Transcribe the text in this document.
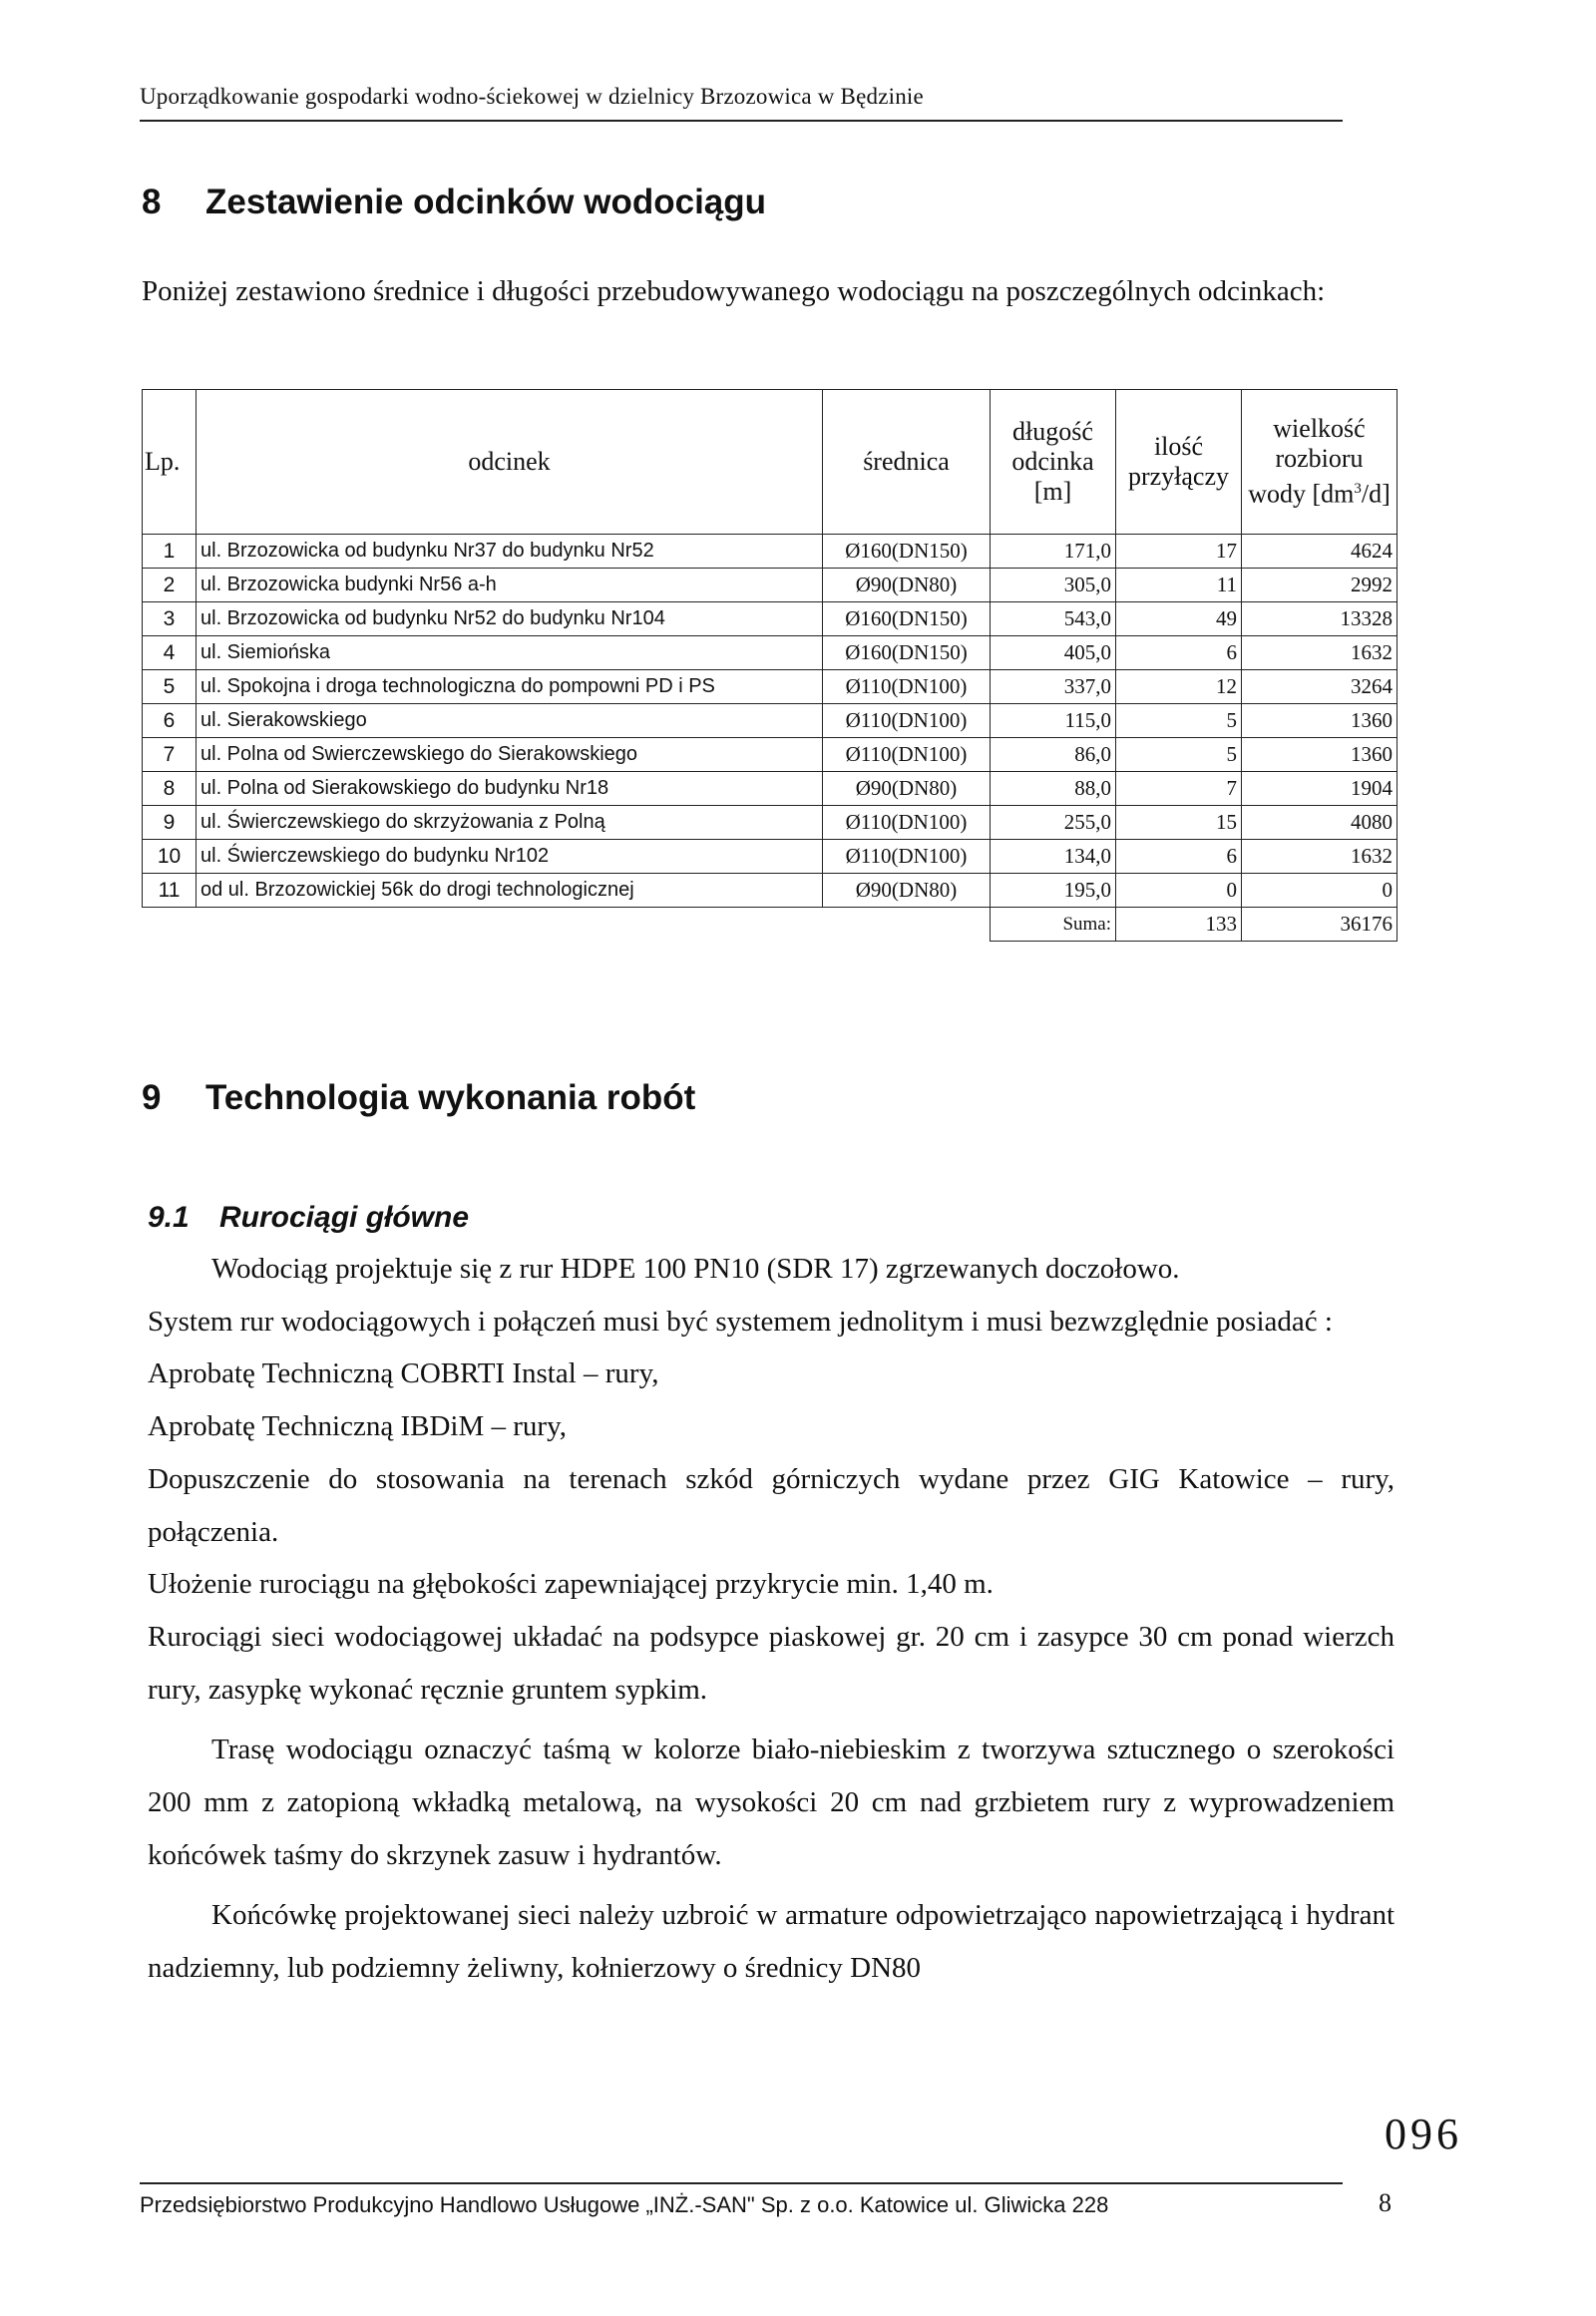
Uporządkowanie gospodarki wodno-ściekowej w dzielnicy Brzozowica w Będzinie
8 Zestawienie odcinków wodociągu
Poniżej zestawiono średnice i długości przebudowywanego wodociągu na poszczególnych odcinkach:
Lp.	odcinek	średnica	długość odcinka [m]	ilość przyłączy	wielkość rozbioru wody $[dm^3/d]$
1	ul. Brzozowicka od budynku Nr37 do budynku Nr52	Ø160(DN150)	171,0	17	4624
2	ul. Brzozowicka budynki Nr56 a-h	Ø90(DN80)	305,0	11	2992
3	ul. Brzozowicka od budynku Nr52 do budynku Nr104	Ø160(DN150)	543,0	49	13328
4	ul. Siemiońska	Ø160(DN150)	405,0	6	1632
5	ul. Spokojna i droga technologiczna do pompowni PD i PS	Ø110(DN100)	337,0	12	3264
6	ul. Sierakowskiego	Ø110(DN100)	115,0	5	1360
7	ul. Polna od Swierczewskiego do Sierakowskiego	Ø110(DN100)	86,0	5	1360
8	ul. Polna od Sierakowskiego do budynku Nr18	Ø90(DN80)	88,0	7	1904
9	ul. Świerczewskiego do skrzyżowania z Polną	Ø110(DN100)	255,0	15	4080
10	ul. Świerczewskiego do budynku Nr102	Ø110(DN100)	134,0	6	1632
11	od ul. Brzozowickiej 56k do drogi technologicznej	Ø90(DN80)	195,0	0	0
			Suma:	133	36176
9 Technologia wykonania robót
9.1 Rurociągi główne

Wodociąg projektuje się z rur HDPE 100 PN10 (SDR 17) zgrzewanych doczołowo.

System rur wodociągowych i połączeń musi być systemem jednolitym i musi bezwzględnie posiadać :

Aprobatę Techniczną COBRTI Instal – rury,

Aprobatę Techniczną IBDiM – rury,

Dopuszczenie do stosowania na terenach szkód górniczych wydane przez GIG Katowice – rury, połączenia.

Ułożenie rurociągu na głębokości zapewniającej przykrycie min. 1,40 m.

Rurociągi sieci wodociągowej układać na podsypce piaskowej gr. 20 cm i zasypce 30 cm ponad wierzch rury, zasypkę wykonać ręcznie gruntem sypkim.

Trasę wodociągu oznaczyć taśmą w kolorze biało-niebieskim z tworzywa sztucznego o szerokości 200 mm z zatopioną wkładką metalową, na wysokości 20 cm nad grzbietem rury z wyprowadzeniem końcówek taśmy do skrzynek zasuw i hydrantów.

Końcówkę projektowanej sieci należy uzbroić w armature odpowietrzająco napowietrzającą i hydrant nadziemny, lub podziemny żeliwny, kołnierzowy o średnicy DN80

096
Przedsiębiorstwo Produkcyjno Handlowo Usługowe „INŻ.-SAN" Sp. z o.o. Katowice ul. Gliwicka 228	8
